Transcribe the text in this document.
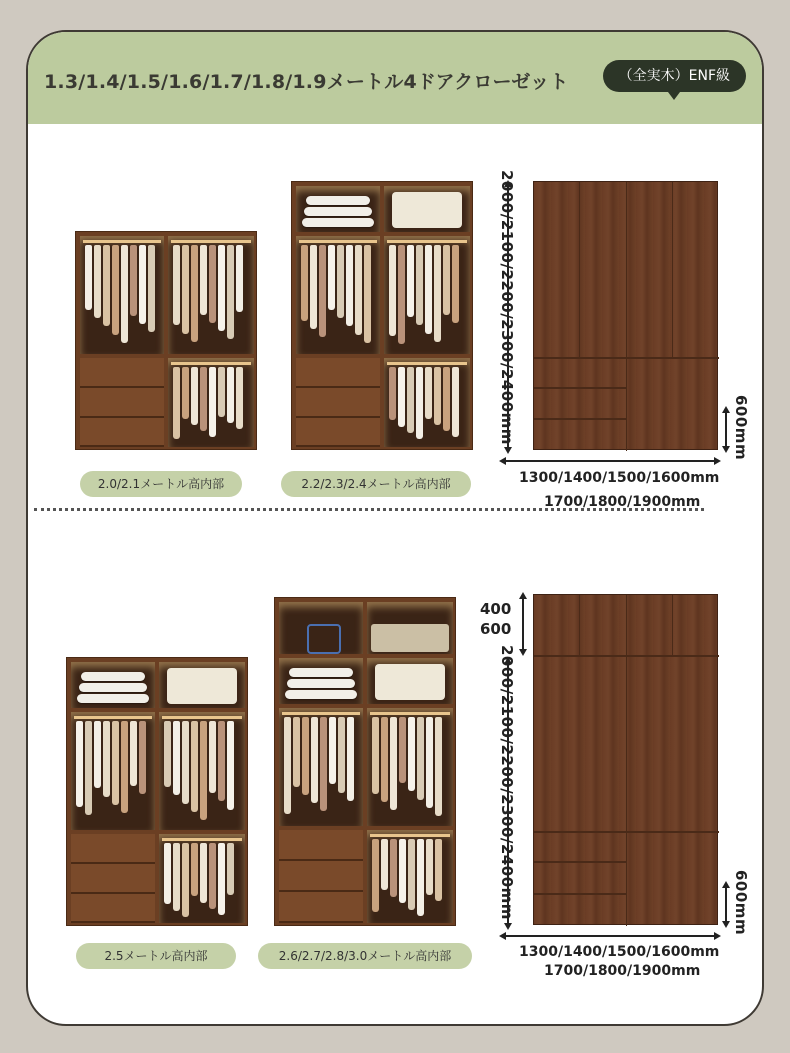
1.3/1.4/1.5/1.6/1.7/1.8/1.9メートル4ドアクローゼット	（全実木）ENF級
2.0/2.1メートル高内部	2.2/2.3/2.4メートル高内部
2000/2100/2200/2300/2400mm	600mm
1300/1400/1500/1600mm
1700/1800/1900mm
2.5メートル高内部	2.6/2.7/2.8/3.0メートル高内部
400
600
2000/2100/2200/2300/2400mm	600mm
1300/1400/1500/1600mm
1700/1800/1900mm
